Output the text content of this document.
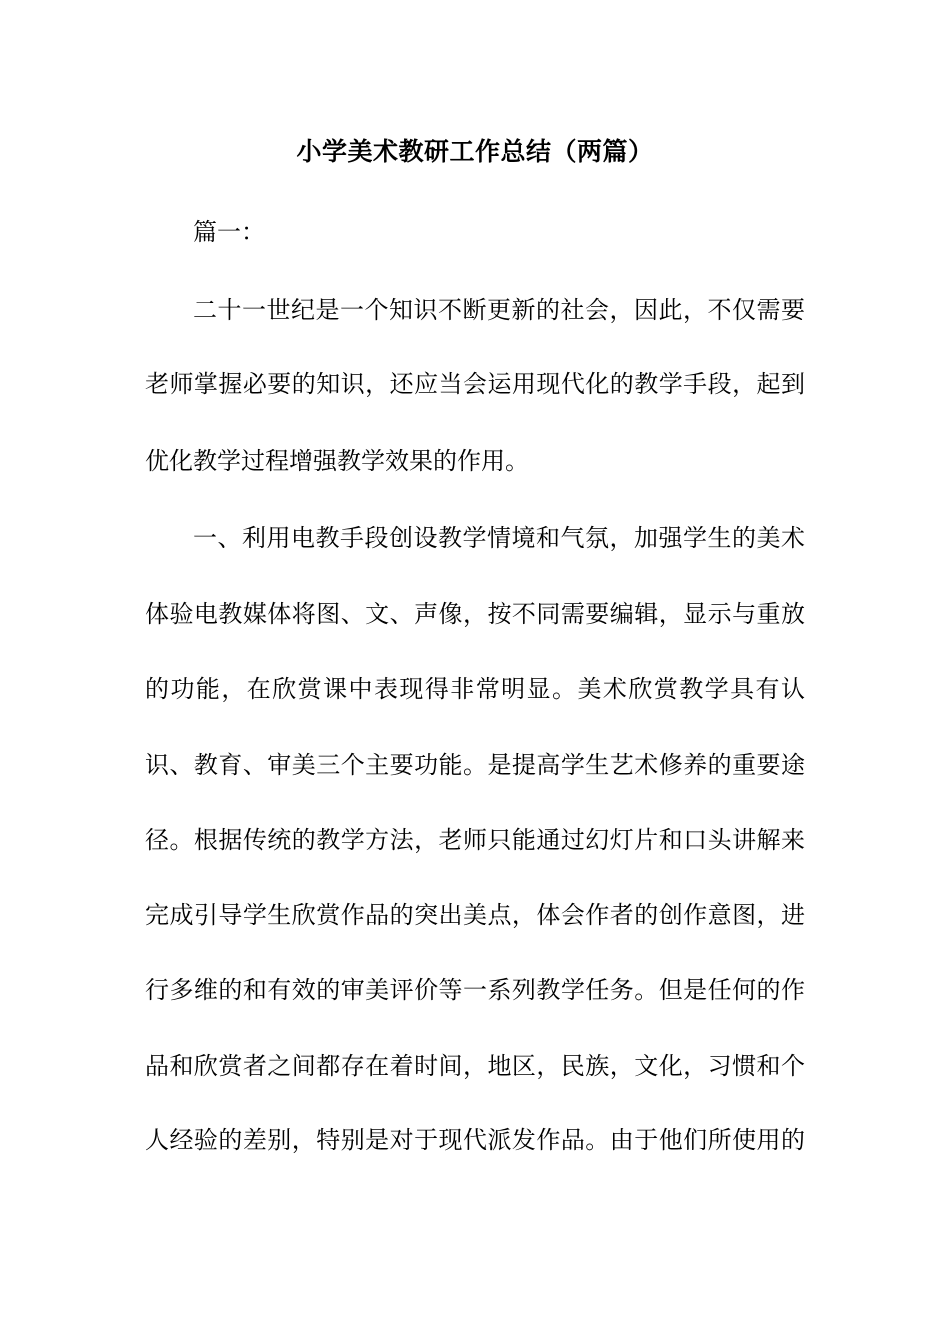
小学美术教研工作总结（两篇）
篇一：
二十一世纪是一个知识不断更新的社会，因此，不仅需要
老师掌握必要的知识，还应当会运用现代化的教学手段，起到
优化教学过程增强教学效果的作用。
一、利用电教手段创设教学情境和气氛，加强学生的美术
体验电教媒体将图、文、声像，按不同需要编辑，显示与重放
的功能，在欣赏课中表现得非常明显。美术欣赏教学具有认
识、教育、审美三个主要功能。是提高学生艺术修养的重要途
径。根据传统的教学方法，老师只能通过幻灯片和口头讲解来
完成引导学生欣赏作品的突出美点，体会作者的创作意图，进
行多维的和有效的审美评价等一系列教学任务。但是任何的作
品和欣赏者之间都存在着时间，地区，民族，文化，习惯和个
人经验的差别，特别是对于现代派发作品。由于他们所使用的
